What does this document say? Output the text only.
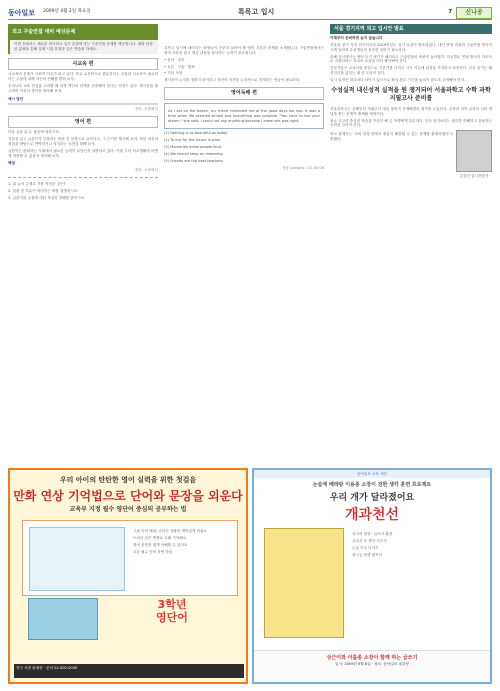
동아일보 2009년 4월 2일 목요일	특목고 입시	7	신나공
외고 구술면접 대비 예상문제
이번 호에서는 새로운 외국어고 입시 유형에 맞는 구술면접 문제를 제공합니다. 매회 한정된 분량을 통해 실제 시험 유형과 같은 연습을 하세요.
사교육 편

사교육비 문제가 사회적 이슈가 되고 있다. 학교 교육만으로 충분하다는 주장과 사교육이 필요하다는 주장에 대해 자신의 견해를 밝혀 보자.

우리나라 교육 현실을 고려할 때 학생 개인의 선택을 존중해야 한다는 의견도 있다. 제시문을 참고하여 자신의 생각을 정리해 보자.

예시 답안

정답: 보충해설

영어 편

다음 글을 읽고, 물음에 답하시오.

지문을 읽고 글쓴이가 주장하는 바를 한 문장으로 요약하고, 그 근거를 제시해 보자. 또한 자신의 경험을 바탕으로 반박하거나 지지하는 의견을 말해 보자.

글쓴이는 변화하는 사회에서 필요한 능력이 무엇인지 설명하고 있다. 이를 우리 학교생활에 어떻게 적용할 수 있을지 생각해 보자.

해설

정답: 보충해설

1. 위 글의 주제로 가장 적절한 것은?

2. 밑줄 친 부분이 의미하는 바를 설명하시오.

3. 글쓴이의 주장에 대한 자신의 견해를 밝히시오.

특목고 입시에 대비하는 학생들이 꾸준히 읽어야 할 영어 지문과 문제를 소개합니다. 구술면접에서는 영어 지문을 읽고 핵심 내용을 파악하는 능력이 중요합니다.

• 동의 · 질문

• 토론 · 구술 · 발표

• 기타 사항

제시문의 논지를 정확히 파악하고 자신의 의견을 논리적으로 전개하는 연습이 필요하다.

영어독해 편

As I sat on the beach, my friend reminded me of the good days we had. It was a time when life seemed simple and everything was possible. "You have to live your dream," she said. I could not say anything because I knew she was right.

(1) Nothing is as beautiful as today.

(2) To live for the future is wise.

(3) Memories make people kind.

(4) We should keep on dreaming.

(5) Friends are the best teachers.

정답 Lessons: I D, IIS 04

서울 경기지역 외고 입시안 발표
이제부터 준비하면 늦지 않습니다

서울과 경기 지역 외국어고의 2010학년도 입시 요강이 발표되었다. 내신 반영 비율과 구술면접 방식이 크게 달라져 수험생들의 꼼꼼한 준비가 필요하다.

올해 입시에서는 영어 듣기 평가가 폐지되고 구술면접의 비중이 높아졌다. 학교별로 면접 방식이 다르므로 지원하려는 학교의 요강을 미리 확인해야 한다.

전문가들은 교과서를 중심으로 기본기를 다지고 시사 이슈에 관심을 가지라고 조언한다. 신문 읽기는 배경지식을 넓히는 데 큰 도움이 된다.

입시 일정은 학교마다 차이가 있으므로 원서 접수 기간을 놓치지 않도록 주의해야 한다.

수성실적 내신성적 실적을 원 쟁거되어 서울과학고 수학 과학 지필고사 준비를

서울과학고는 올해부터 지필고사 대신 창의적 문제해결력 평가를 도입한다. 수학과 과학 교과의 심화 개념을 묻는 문제가 출제될 예정이다.

평소 사고력 중심의 학습을 꾸준히 해 온 학생에게 유리하다. 단순 암기보다는 원리를 이해하고 응용하는 능력을 길러야 한다.

학교 관계자는 '교과 과정 안에서 충분히 해결할 수 있는 문제를 출제하겠다'고 밝혔다.

김상진 입시전문가
우리 아이의 탄탄한 영어 실력을 위한 첫걸음
만화 연상 기억법으로 단어와 문장을 외운다
교육부 지정 필수 영단어 중심의 공부하는 법

그림 속의 배치, 나타난 상황을 재미있게 외워요

드라마 같은 연출로 오래 기억해요

영어 문장을 쉽게 이해할 수 있어요

초등 필수 단어 자연 학습

3학년
영단어
전국 서점 판매중 · 문의 02-000-0000
동아일보 교육 섹션
논술계 베테랑 이용종 소장이 전한 생각 훈련 프로젝트
우리 개가 달라졌어요
개과천선

사고력 향상 · 글쓰기 훈련

교과서 속 생각 키우기

논술 기초 다지기

중고등 학생 필독서

상근이와 이룸종 소장이 함께 하는 글쓰기
일시: 2009년 6월 8일 · 장소: 동아일보 대강당
